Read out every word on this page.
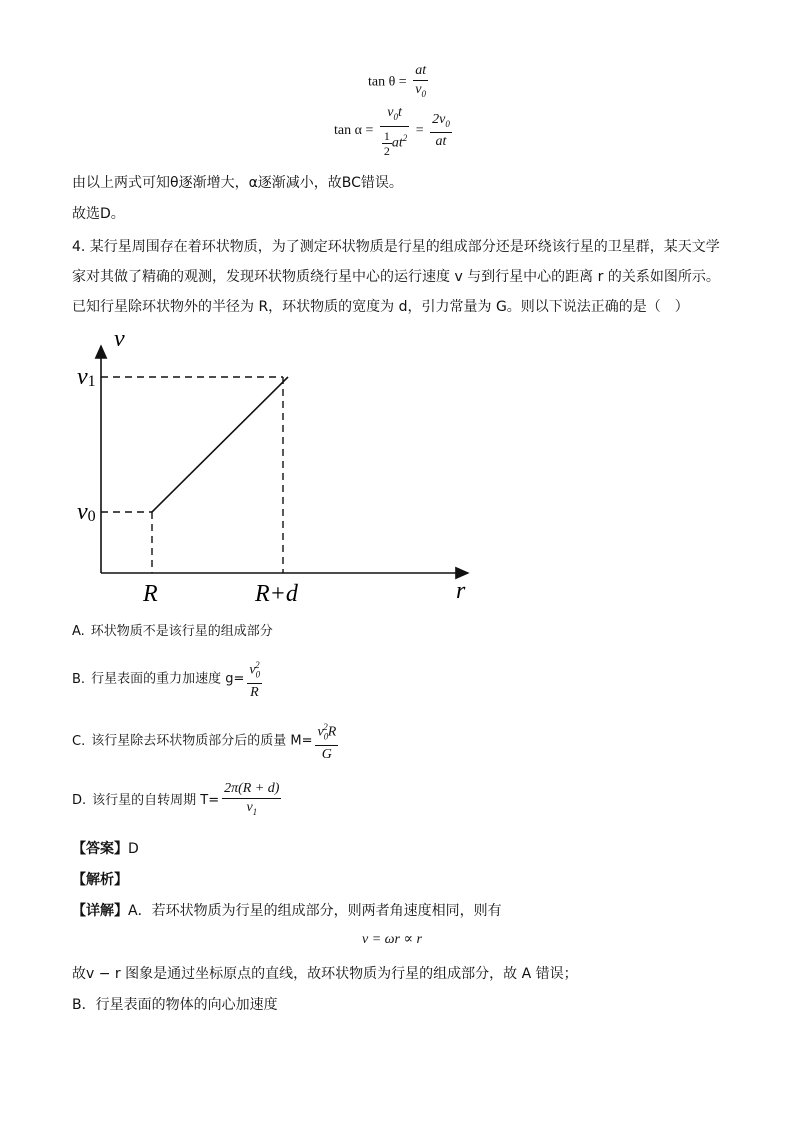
$\tan \theta = \frac{at}{v_0}$
$\tan \alpha = \frac{v_0t}{\frac{1}{2} at^2} = \frac{2v_0}{at}$
由以上两式可知θ逐渐增大，α逐渐减小，故BC错误。
故选D。
4. 某行星周围存在着环状物质，为了测定环状物质是行星的组成部分还是环绕该行星的卫星群，某天文学
家对其做了精确的观测，发现环状物质绕行星中心的运行速度 v 与到行星中心的距离 r 的关系如图所示。
已知行星除环状物外的半径为 R，环状物质的宽度为 d，引力常量为 G。则以下说法正确的是（　）
v
r
v1
v0
R	R+d
A. 环状物质不是该行星的组成部分
B. 行星表面的重力加速度 $g= \frac{v_0^2}{R}$
C. 该行星除去环状物质部分后的质量 $M= \frac{v_0^2R}{G}$
D. 该行星的自转周期 $T= \frac{2\pi(R + d)}{v_1}$
【答案】D
【解析】
【详解】A．若环状物质为行星的组成部分，则两者角速度相同，则有
v = ωr ∝ r
故v − r 图象是通过坐标原点的直线，故环状物质为行星的组成部分，故 A 错误；
B．行星表面的物体的向心加速度
